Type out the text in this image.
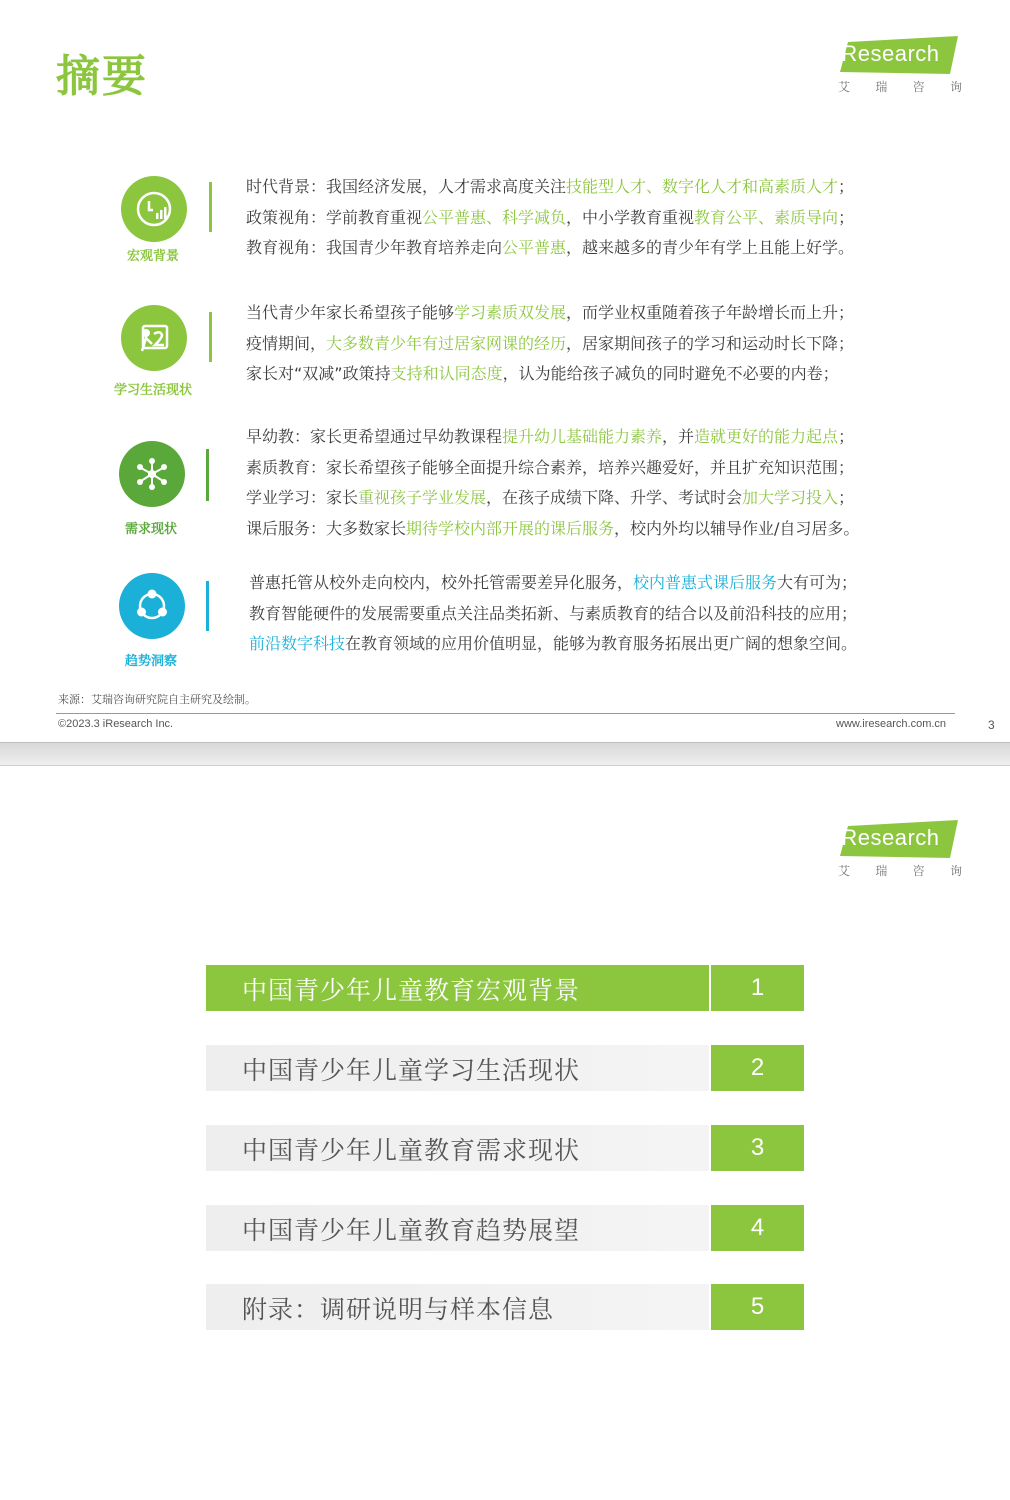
摘要	iResearch
艾 瑞 咨 询
宏观背景
时代背景：我国经济发展，人才需求高度关注技能型人才、数字化人才和高素质人才；
政策视角：学前教育重视公平普惠、科学减负，中小学教育重视教育公平、素质导向；
教育视角：我国青少年教育培养走向公平普惠，越来越多的青少年有学上且能上好学。
学习生活现状
当代青少年家长希望孩子能够学习素质双发展，而学业权重随着孩子年龄增长而上升；
疫情期间，大多数青少年有过居家网课的经历，居家期间孩子的学习和运动时长下降；
家长对“双减”政策持支持和认同态度，认为能给孩子减负的同时避免不必要的内卷；
需求现状
早幼教：家长更希望通过早幼教课程提升幼儿基础能力素养，并造就更好的能力起点；
素质教育：家长希望孩子能够全面提升综合素养，培养兴趣爱好，并且扩充知识范围；
学业学习：家长重视孩子学业发展，在孩子成绩下降、升学、考试时会加大学习投入；
课后服务：大多数家长期待学校内部开展的课后服务，校内外均以辅导作业/自习居多。
趋势洞察
普惠托管从校外走向校内，校外托管需要差异化服务，校内普惠式课后服务大有可为；
教育智能硬件的发展需要重点关注品类拓新、与素质教育的结合以及前沿科技的应用；
前沿数字科技在教育领域的应用价值明显，能够为教育服务拓展出更广阔的想象空间。
来源：艾瑞咨询研究院自主研究及绘制。
©2023.3 iResearch Inc.	www.iresearch.com.cn	3
iResearch
艾 瑞 咨 询
中国青少年儿童教育宏观背景	1
中国青少年儿童学习生活现状	2
中国青少年儿童教育需求现状	3
中国青少年儿童教育趋势展望	4
附录：调研说明与样本信息	5
